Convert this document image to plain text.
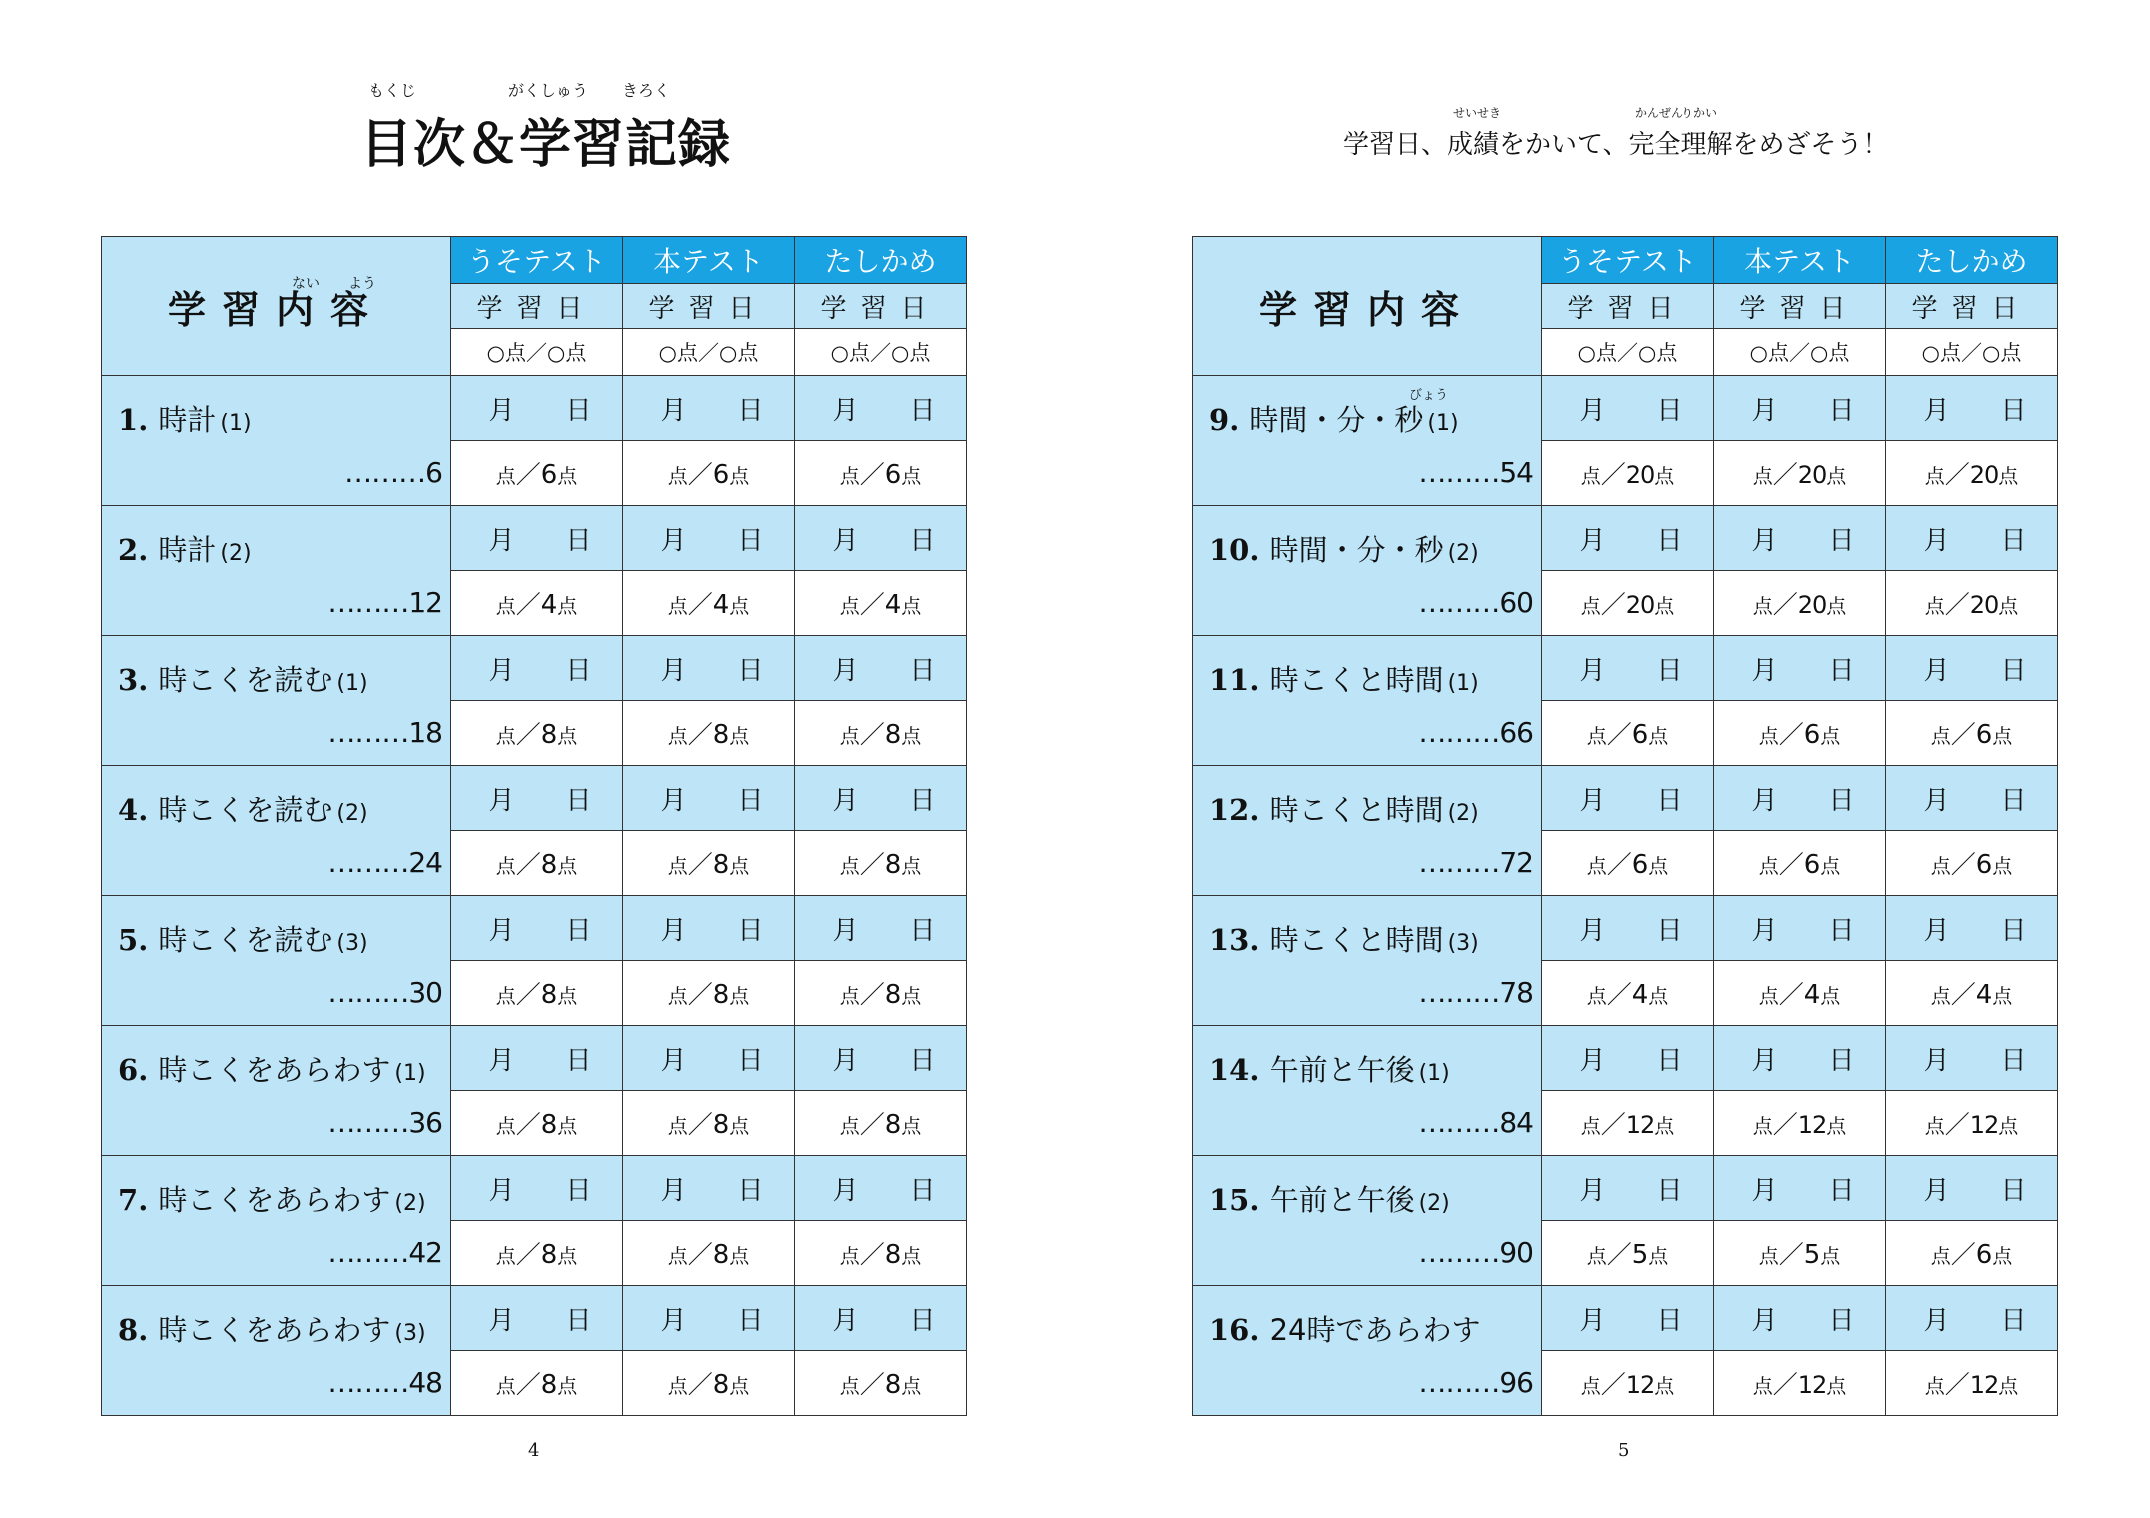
もくじ	がくしゅう	きろく
目次＆学習記録
せいせき	かんぜん
りかい
学習日、成績をかいて、完全理解をめざそう！
ない よう
学習内容	うそテスト	本テスト	たしかめ
	学習日	学習日	学習日
	○点／○点	○点／○点	○点／○点

1. 時計 (1)
………6	月 日	月 日	月 日
	点／6点	点／6点	点／6点

2. 時計 (2)
………12	月 日	月 日	月 日
	点／4点	点／4点	点／4点

3. 時こくを読む (1)
………18	月 日	月 日	月 日
	点／8点	点／8点	点／8点

4. 時こくを読む (2)
………24	月 日	月 日	月 日
	点／8点	点／8点	点／8点

5. 時こくを読む (3)
………30	月 日	月 日	月 日
	点／8点	点／8点	点／8点

6. 時こくをあらわす (1)
………36	月 日	月 日	月 日
	点／8点	点／8点	点／8点

7. 時こくをあらわす (2)
………42	月 日	月 日	月 日
	点／8点	点／8点	点／8点

8. 時こくをあらわす (3)
………48	月 日	月 日	月 日
	点／8点	点／8点	点／8点
学習内容	うそテスト	本テスト	たしかめ
	学習日	学習日	学習日
	○点／○点	○点／○点	○点／○点

9. 時間・分・秒 (1)
びょう
………54	月 日	月 日	月 日
	点／20点	点／20点	点／20点

10. 時間・分・秒 (2)
………60	月 日	月 日	月 日
	点／20点	点／20点	点／20点

11. 時こくと時間 (1)
………66	月 日	月 日	月 日
	点／6点	点／6点	点／6点

12. 時こくと時間 (2)
………72	月 日	月 日	月 日
	点／6点	点／6点	点／6点

13. 時こくと時間 (3)
………78	月 日	月 日	月 日
	点／4点	点／4点	点／4点

14. 午前と午後 (1)
………84	月 日	月 日	月 日
	点／12点	点／12点	点／12点

15. 午前と午後 (2)
………90	月 日	月 日	月 日
	点／5点	点／5点	点／6点

16. 24時であらわす
………96	月 日	月 日	月 日
	点／12点	点／12点	点／12点
4	5
